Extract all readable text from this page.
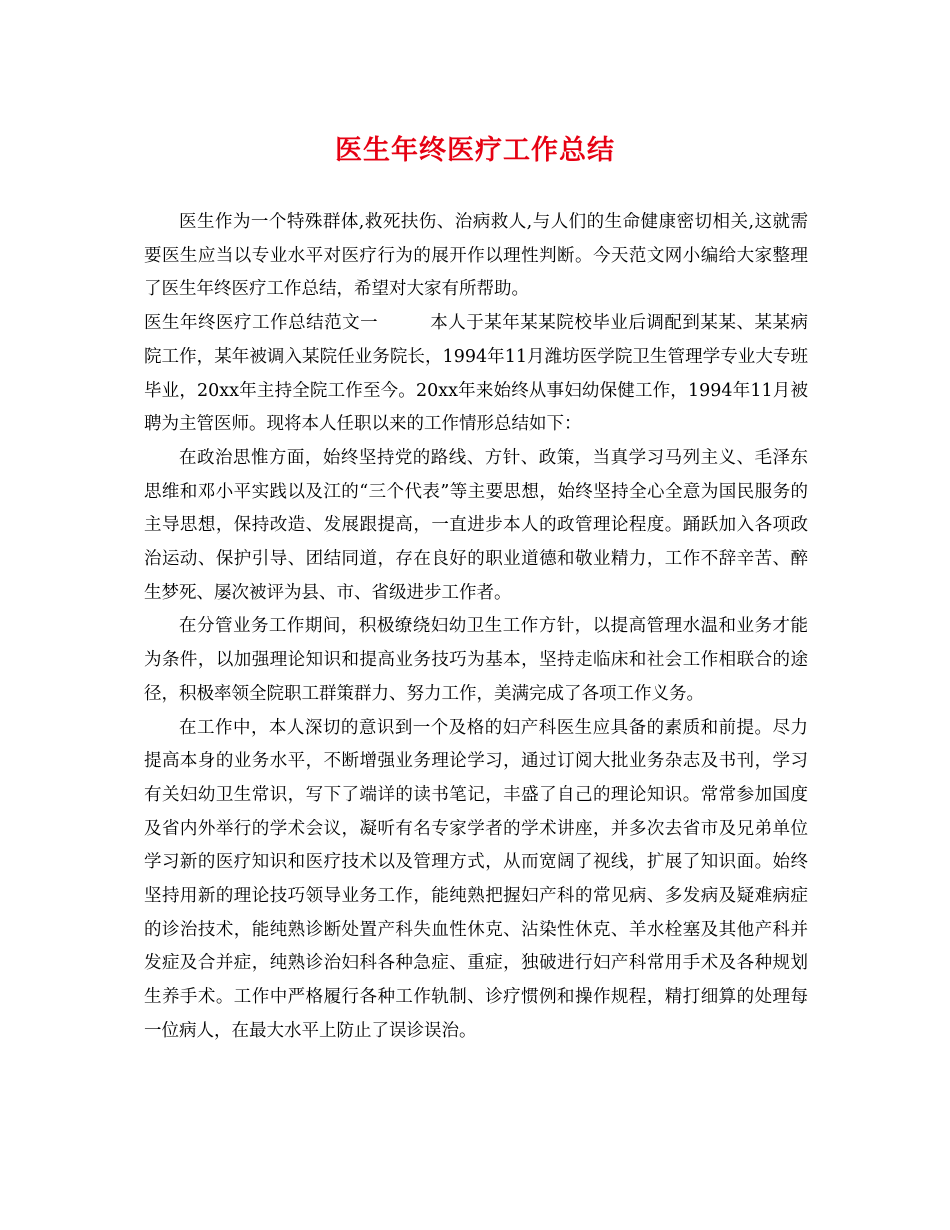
医生年终医疗工作总结

医生作为一个特殊群体,救死扶伤、治病救人,与人们的生命健康密切相关,这就需要医生应当以专业水平对医疗行为的展开作以理性判断。今天范文网小编给大家整理了医生年终医疗工作总结，希望对大家有所帮助。

医生年终医疗工作总结范文一	本人于某年某某院校毕业后调配到某某、某某病院工作，某年被调入某院任业务院长，1994年11月潍坊医学院卫生管理学专业大专班毕业，20xx年主持全院工作至今。20xx年来始终从事妇幼保健工作，1994年11月被聘为主管医师。现将本人任职以来的工作情形总结如下：

在政治思惟方面，始终坚持党的路线、方针、政策，当真学习马列主义、毛泽东思维和邓小平实践以及江的“三个代表”等主要思想，始终坚持全心全意为国民服务的主导思想，保持改造、发展跟提高，一直进步本人的政管理论程度。踊跃加入各项政治运动、保护引导、团结同道，存在良好的职业道德和敬业精力，工作不辞辛苦、醉生梦死、屡次被评为县、市、省级进步工作者。

在分管业务工作期间，积极缭绕妇幼卫生工作方针，以提高管理水温和业务才能为条件，以加强理论知识和提高业务技巧为基本，坚持走临床和社会工作相联合的途径，积极率领全院职工群策群力、努力工作，美满完成了各项工作义务。

在工作中，本人深切的意识到一个及格的妇产科医生应具备的素质和前提。尽力提高本身的业务水平，不断增强业务理论学习，通过订阅大批业务杂志及书刊，学习有关妇幼卫生常识，写下了端详的读书笔记，丰盛了自己的理论知识。常常参加国度及省内外举行的学术会议，凝听有名专家学者的学术讲座，并多次去省市及兄弟单位学习新的医疗知识和医疗技术以及管理方式，从而宽阔了视线，扩展了知识面。始终坚持用新的理论技巧领导业务工作，能纯熟把握妇产科的常见病、多发病及疑难病症的诊治技术，能纯熟诊断处置产科失血性休克、沾染性休克、羊水栓塞及其他产科并发症及合并症，纯熟诊治妇科各种急症、重症，独破进行妇产科常用手术及各种规划生养手术。工作中严格履行各种工作轨制、诊疗惯例和操作规程，精打细算的处理每一位病人，在最大水平上防止了误诊误治。
